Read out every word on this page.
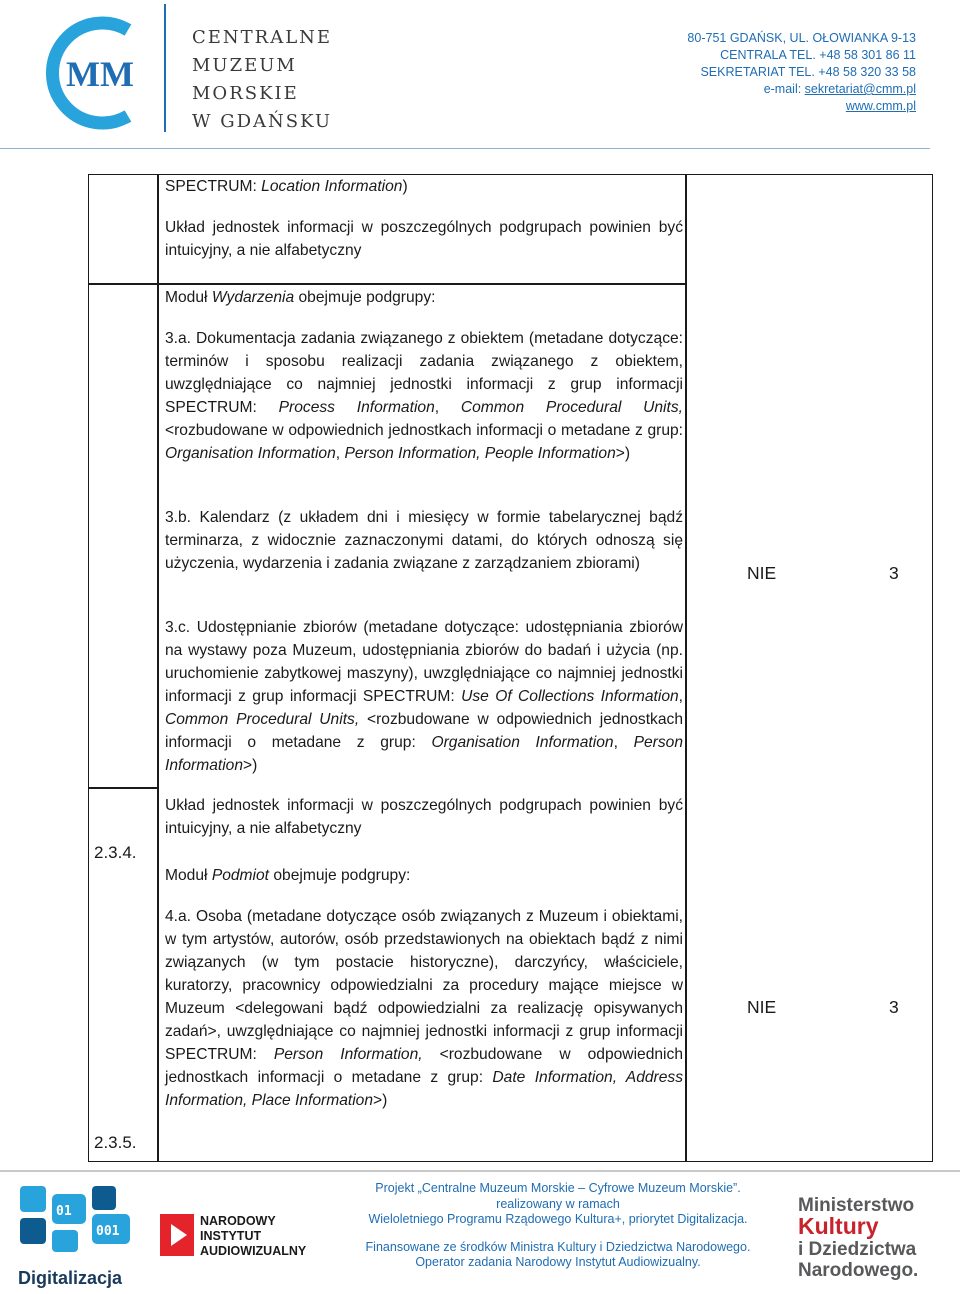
MM
CENTRALNE
MUZEUM
MORSKIE
W GDAŃSKU
80-751 GDAŃSK, UL. OŁOWIANKA 9-13
CENTRALA TEL. +48 58 301 86 11
SEKRETARIAT TEL. +48 58 320 33 58
e-mail: sekretariat@cmm.pl
www.cmm.pl
SPECTRUM: Location Information)
Układ jednostek informacji w poszczególnych podgrupach powinien być intuicyjny, a nie alfabetyczny
Moduł Wydarzenia obejmuje podgrupy:
3.a. Dokumentacja zadania związanego z obiektem (metadane dotyczące: terminów i sposobu realizacji zadania związanego z obiektem, uwzględniające co najmniej jednostki informacji z grup informacji SPECTRUM: Process Information, Common Procedural Units, <rozbudowane w odpowiednich jednostkach informacji o metadane z grup: Organisation Information, Person Information, People Information>)
3.b. Kalendarz (z układem dni i miesięcy w formie tabelarycznej bądź terminarza, z widocznie zaznaczonymi datami, do których odnoszą się użyczenia, wydarzenia i zadania związane z zarządzaniem zbiorami)
3.c. Udostępnianie zbiorów (metadane dotyczące: udostępniania zbiorów na wystawy poza Muzeum, udostępniania zbiorów do badań i użycia (np. uruchomienie zabytkowej maszyny), uwzględniające co najmniej jednostki informacji z grup informacji SPECTRUM: Use Of Collections Information, Common Procedural Units, <rozbudowane w odpowiednich jednostkach informacji o metadane z grup: Organisation Information, Person Information>)
Układ jednostek informacji w poszczególnych podgrupach powinien być intuicyjny, a nie alfabetyczny
2.3.4.
NIE	3
Moduł Podmiot obejmuje podgrupy:
4.a. Osoba (metadane dotyczące osób związanych z Muzeum i obiektami, w tym artystów, autorów, osób przedstawionych na obiektach bądź z nimi związanych (w tym postacie historyczne), darczyńcy, właściciele, kuratorzy, pracownicy odpowiedzialni za procedury mające miejsce w Muzeum <delegowani bądź odpowiedzialni za realizację opisywanych zadań>, uwzględniające co najmniej jednostki informacji z grup informacji SPECTRUM: Person Information, <rozbudowane w odpowiednich jednostkach informacji o metadane z grup: Date Information, Address Information, Place Information>)
2.3.5.
NIE	3
01
001
Digitalizacja
NARODOWY
INSTYTUT
AUDIOWIZUALNY
Projekt „Centralne Muzeum Morskie – Cyfrowe Muzeum Morskie”.
realizowany w ramach
Wieloletniego Programu Rządowego Kultura+, priorytet Digitalizacja.
Finansowane ze środków Ministra Kultury i Dziedzictwa Narodowego.
Operator zadania Narodowy Instytut Audiowizualny.
Ministerstwo
Kultury
i Dziedzictwa
Narodowego.
